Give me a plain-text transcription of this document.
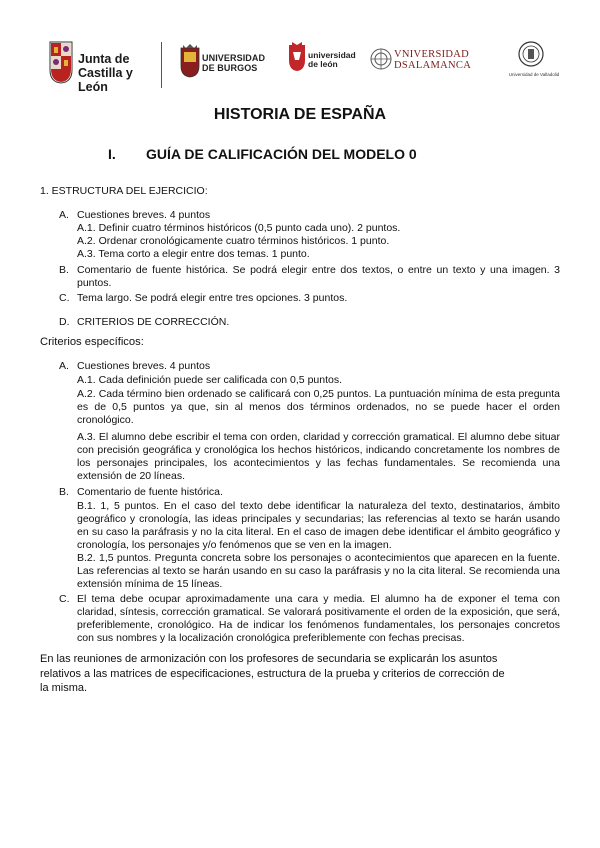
Junta de
Castilla y León
UNIVERSIDAD
DE BURGOS
universidad
de león
VNIVERSIDAD
DSALAMANCA
Universidad de Valladolid
HISTORIA DE ESPAÑA
I. GUÍA DE CALIFICACIÓN DEL MODELO 0
1. ESTRUCTURA DEL EJERCICIO:
A. Cuestiones breves. 4 puntos
A.1. Definir cuatro términos históricos (0,5 punto cada uno). 2 puntos.
A.2. Ordenar cronológicamente cuatro términos históricos. 1 punto.
A.3. Tema corto a elegir entre dos temas. 1 punto.
B. Comentario de fuente histórica. Se podrá elegir entre dos textos, o entre un texto y una imagen. 3 puntos.
C. Tema largo. Se podrá elegir entre tres opciones. 3 puntos.
D. CRITERIOS DE CORRECCIÓN.
Criterios específicos:
A. Cuestiones breves. 4 puntos
A.1. Cada definición puede ser calificada con 0,5 puntos.
A.2. Cada término bien ordenado se calificará con 0,25 puntos. La puntuación mínima de esta pregunta es de 0,5 puntos ya que, sin al menos dos términos ordenados, no se puede hacer el orden cronológico.
A.3. El alumno debe escribir el tema con orden, claridad y corrección gramatical. El alumno debe situar con precisión geográfica y cronológica los hechos históricos, indicando concretamente los nombres de los personajes principales, los acontecimientos y las fechas fundamentales. Se recomienda una extensión de 20 líneas.
B. Comentario de fuente histórica.
B.1. 1, 5 puntos. En el caso del texto debe identificar la naturaleza del texto, destinatarios, ámbito geográfico y cronología, las ideas principales y secundarias; las referencias al texto se harán usando en su caso la paráfrasis y no la cita literal. En el caso de imagen debe identificar el ámbito geográfico y cronología, los personajes y/o fenómenos que se ven en la imagen.
B.2. 1,5 puntos. Pregunta concreta sobre los personajes o acontecimientos que aparecen en la fuente. Las referencias al texto se harán usando en su caso la paráfrasis y no la cita literal. Se recomienda una extensión mínima de 15 líneas.
C. El tema debe ocupar aproximadamente una cara y media. El alumno ha de exponer el tema con claridad, síntesis, corrección gramatical. Se valorará positivamente el orden de la exposición, que será, preferiblemente, cronológico. Ha de indicar los fenómenos fundamentales, los personajes concretos con sus nombres y la localización cronológica preferiblemente con fechas precisas.
En las reuniones de armonización con los profesores de secundaria se explicarán los asuntos relativos a las matrices de especificaciones, estructura de la prueba y criterios de corrección de la misma.
